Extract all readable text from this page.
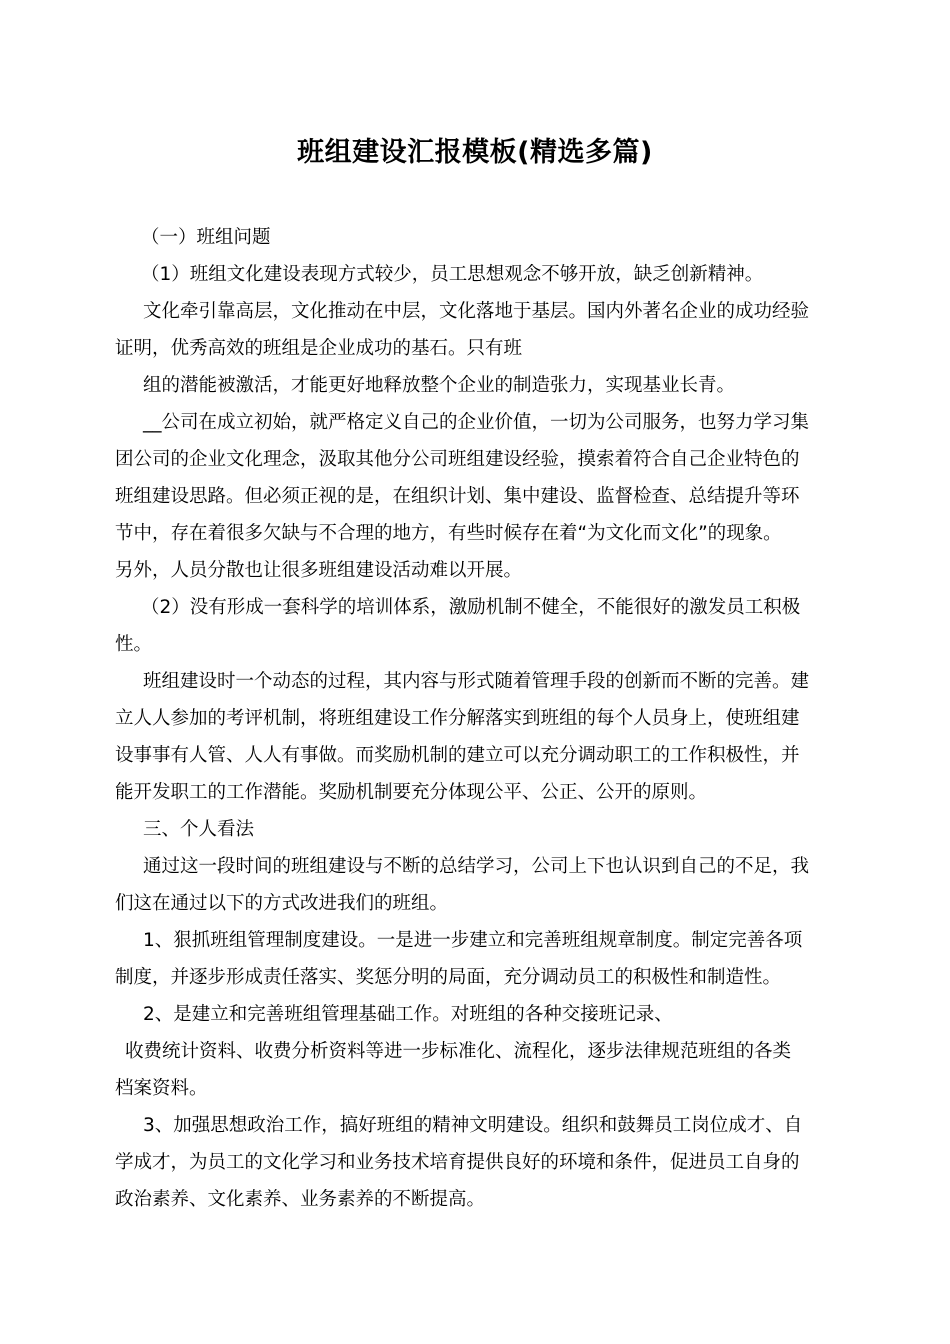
班组建设汇报模板(精选多篇)

（一）班组问题

（1）班组文化建设表现方式较少，员工思想观念不够开放，缺乏创新精神。

文化牵引靠高层，文化推动在中层，文化落地于基层。国内外著名企业的成功经验

证明，优秀高效的班组是企业成功的基石。只有班

组的潜能被激活，才能更好地释放整个企业的制造张力，实现基业长青。

__公司在成立初始，就严格定义自己的企业价值，一切为公司服务，也努力学习集

团公司的企业文化理念，汲取其他分公司班组建设经验，摸索着符合自己企业特色的

班组建设思路。但必须正视的是，在组织计划、集中建设、监督检查、总结提升等环

节中，存在着很多欠缺与不合理的地方，有些时候存在着“为文化而文化”的现象。

另外，人员分散也让很多班组建设活动难以开展。

（2）没有形成一套科学的培训体系，激励机制不健全，不能很好的激发员工积极

性。

班组建设时一个动态的过程，其内容与形式随着管理手段的创新而不断的完善。建

立人人参加的考评机制，将班组建设工作分解落实到班组的每个人员身上，使班组建

设事事有人管、人人有事做。而奖励机制的建立可以充分调动职工的工作积极性，并

能开发职工的工作潜能。奖励机制要充分体现公平、公正、公开的原则。

三、个人看法

通过这一段时间的班组建设与不断的总结学习，公司上下也认识到自己的不足，我

们这在通过以下的方式改进我们的班组。

1、狠抓班组管理制度建设。一是进一步建立和完善班组规章制度。制定完善各项

制度，并逐步形成责任落实、奖惩分明的局面，充分调动员工的积极性和制造性。

2、是建立和完善班组管理基础工作。对班组的各种交接班记录、

收费统计资料、收费分析资料等进一步标准化、流程化，逐步法律规范班组的各类

档案资料。

3、加强思想政治工作，搞好班组的精神文明建设。组织和鼓舞员工岗位成才、自

学成才，为员工的文化学习和业务技术培育提供良好的环境和条件，促进员工自身的

政治素养、文化素养、业务素养的不断提高。
